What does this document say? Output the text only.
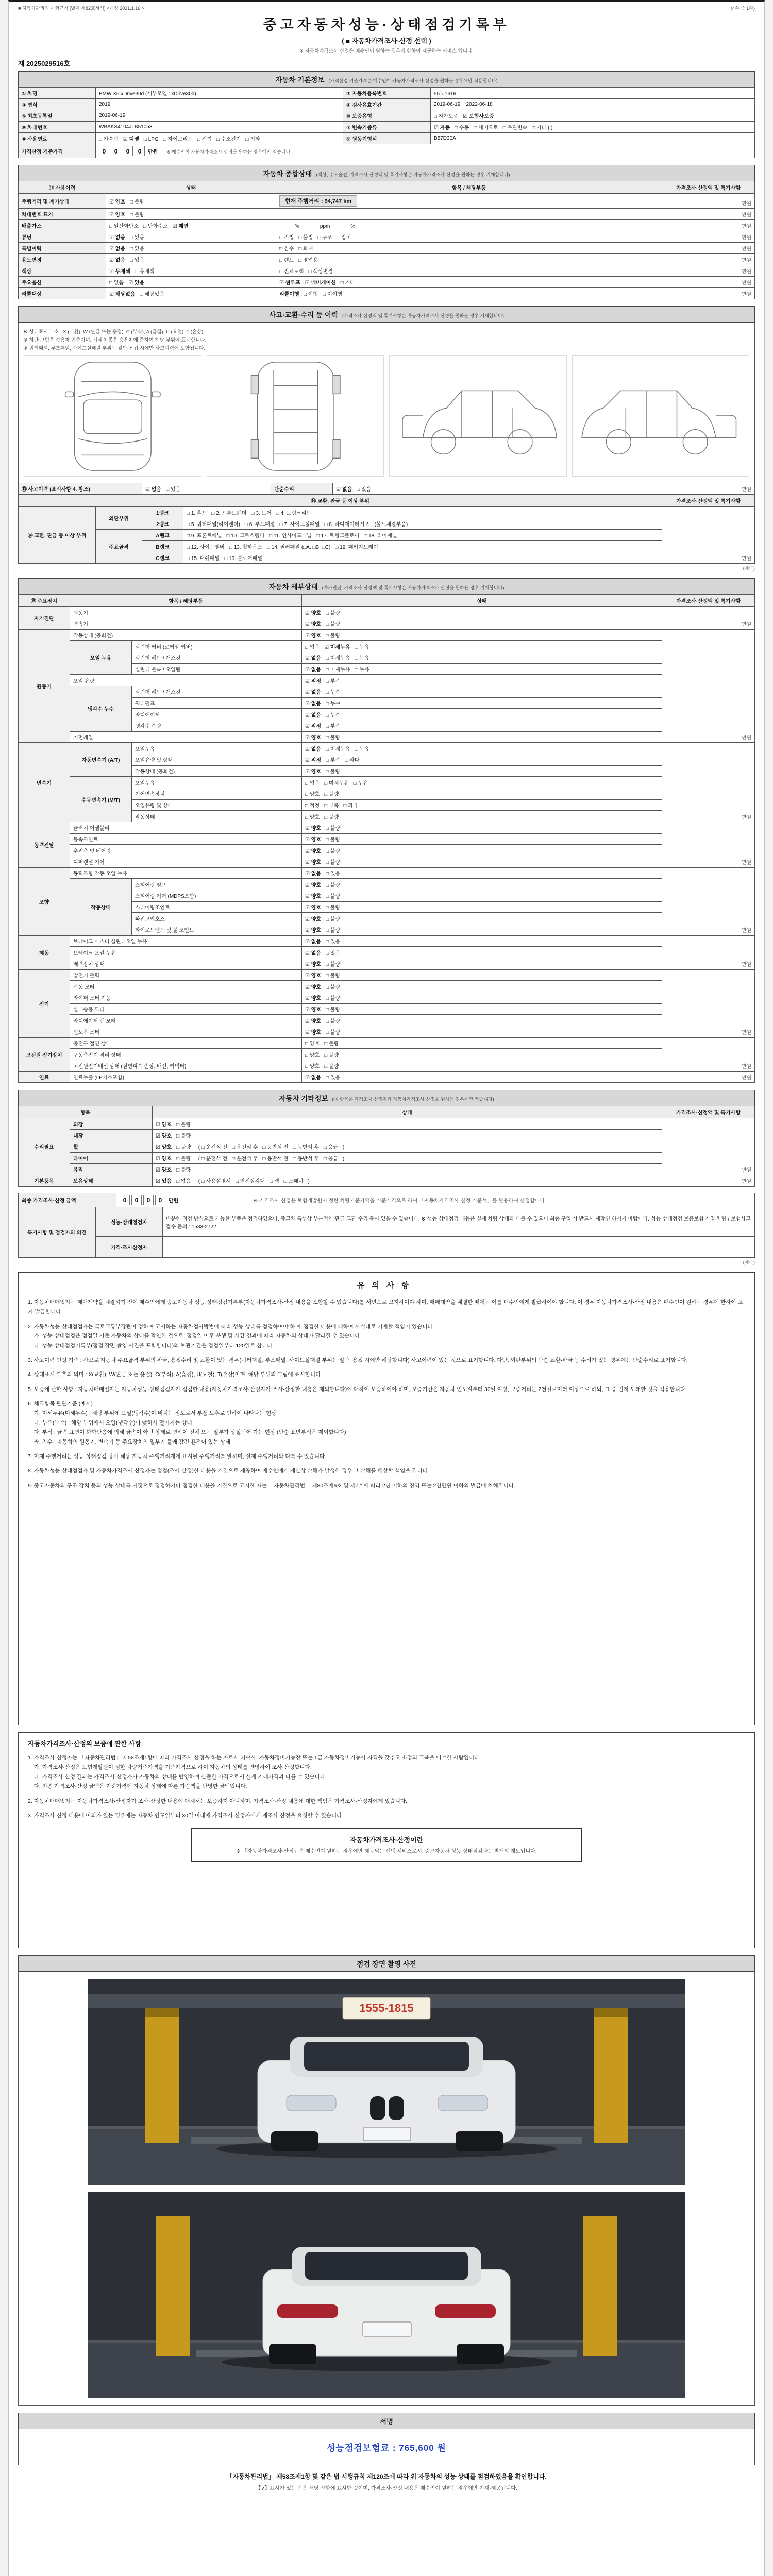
■ 자동차관리법 시행규칙 [별지 제82호서식] <개정 2021.1.16.>	(4쪽 중 1쪽)
중고자동차성능·상태점검기록부
( ■ 자동차가격조사·산정 선택 )
※ 자동차가격조사·산정은 매수인이 원하는 경우에 한하여 제공하는 서비스 입니다.
제 2025029516호
자동차 기본정보 (가격산정 기준가격은 매수인이 자동차가격조사·산정을 원하는 경우에만 적용합니다)
① 차명	BMW X5 xDrive30d (세부모델 : xDrive30d)	② 자동차등록번호	55노1616
③ 연식	2019	④ 검사유효기간	2019-06-19 ~ 2022-06-18
⑤ 최초등록일	2019-06-19	⑩ 보증유형	□ 자가보증 ☑ 보험사보증
⑥ 차대번호	WBAKS4104JLB51053	⑦ 변속기종류	☑ 자동 □ 수동 □ 세미오토 □ 무단변속 □ 기타 ( )
⑧ 사용연료	□ 가솔린 ☑ 디젤 □ LPG □ 하이브리드 □ 전기 □ 수소전기 □ 기타	⑨ 원동기형식	B57D30A
가격산정 기준가격	0 0 0 0 만원 ※ 매수인이 자동차가격조사·산정을 원하는 경우에만 적습니다.		
자동차 종합상태 (색상, 주요옵션, 가격조사·산정액 및 특기사항은 자동차가격조사·산정을 원하는 경우 기재합니다)
⑪ 사용이력	상태	항목 / 해당부품	가격조사·산정액 및 특기사항
주행거리 및 계기상태	☑ 양호 □ 불량	현재 주행거리 : 94,747 km	만원
차대번호 표기	☑ 양호 □ 불량		만원
배출가스	□ 일산화탄소 □ 탄화수소 ☑ 매연	　　　%　　　　ppm　　　　%	만원
튜닝	☑ 없음 □ 있음	□ 적법 □ 불법 □ 구조 □ 장치	만원
특별이력	☑ 없음 □ 있음	□ 침수 □ 화재	만원
용도변경	☑ 없음 □ 있음	□ 렌트 □ 영업용	만원
색상	☑ 무채색 □ 유채색	□ 전체도색 □ 색상변경	만원
주요옵션	□ 없음 ☑ 있음	☑ 썬루프 ☑ 네비게이션 □ 기타	만원
리콜대상	☑ 해당없음 □ 해당있음	리콜이행 : □ 이행 □ 미이행	만원
사고·교환·수리 등 이력 (가격조사·산정액 및 특기사항은 자동차가격조사·산정을 원하는 경우 기재합니다)
※ 상태표시 부호 : X (교환), W (판금 또는 용접), C (부식), A (흠집), U (요철), T (손상)
※ 하단 그림은 승용차 기준이며, 기타 차종은 승용차에 준하여 해당 부위에 표시합니다.
※ 쿼터패널, 루프패널, 사이드실패널 부위는 절단·용접 시에만 사고이력에 포함됩니다.
⑬ 사고이력 (표시사항 4. 참조)	☑ 없음 □ 있음	단순수리	☑ 없음 □ 있음	만원
⑭ 교환, 판금 등 이상 부위				가격조사·산정액 및 특기사항
⑭ 교환, 판금 등 이상 부위	외판부위	1랭크	□ 1. 후드 □ 2. 프론트펜더 □ 3. 도어 □ 4. 트렁크리드	만원
		2랭크	□ 5. 쿼터패널(리어펜더) □ 6. 루프패널 □ 7. 사이드실패널 □ 8. 라디에이터서포트(볼트체결부품)	
	주요골격	A랭크	□ 9. 프론트패널 □ 10. 크로스멤버 □ 11. 인사이드패널 □ 17. 트렁크플로어 □ 18. 리어패널	
		B랭크	□ 12. 사이드멤버 □ 13. 휠하우스 □ 14. 필러패널 (□A, □B, □C) □ 19. 패키지트레이	
		C랭크	□ 15. 대쉬패널 □ 16. 플로어패널	
(계속)
자동차 세부상태 (자가진단, 가격조사·산정액 및 특기사항은 자동차가격조사·산정을 원하는 경우 기재합니다)
⑮ 주요장치	항목 / 해당부품		상태	가격조사·산정액 및 특기사항
자기진단	원동기		☑ 양호 □ 불량	만원
	변속기		☑ 양호 □ 불량	
원동기	작동상태 (공회전)		☑ 양호 □ 불량	만원
	오일 누유	실린더 커버 (로커암 커버)	□ 없음 ☑ 미세누유 □ 누유	
		실린더 헤드 / 개스킷	☑ 없음 □ 미세누유 □ 누유	
		실린더 블록 / 오일팬	☑ 없음 □ 미세누유 □ 누유	
	오일 유량		☑ 적정 □ 부족	
	냉각수 누수	실린더 헤드 / 개스킷	☑ 없음 □ 누수	
		워터펌프	☑ 없음 □ 누수	
		라디에이터	☑ 없음 □ 누수	
		냉각수 수량	☑ 적정 □ 부족	
	커먼레일		☑ 양호 □ 불량	
변속기	자동변속기 (A/T)	오일누유	☑ 없음 □ 미세누유 □ 누유	만원
		오일유량 및 상태	☑ 적정 □ 부족 □ 과다	
		작동상태 (공회전)	☑ 양호 □ 불량	
	수동변속기 (M/T)	오일누유	□ 없음 □ 미세누유 □ 누유	
		기어변속장치	□ 양호 □ 불량	
		오일유량 및 상태	□ 적정 □ 부족 □ 과다	
		작동상태	□ 양호 □ 불량	
동력전달	클러치 어셈블리		☑ 양호 □ 불량	만원
	등속조인트		☑ 양호 □ 불량	
	추진축 및 베어링		☑ 양호 □ 불량	
	디퍼렌셜 기어		☑ 양호 □ 불량	
조향	동력조향 작동 오일 누유		☑ 없음 □ 있음	만원
	작동상태	스티어링 펌프	☑ 양호 □ 불량	
		스티어링 기어 (MDPS포함)	☑ 양호 □ 불량	
		스티어링조인트	☑ 양호 □ 불량	
		파워고압호스	☑ 양호 □ 불량	
		타이로드엔드 및 볼 조인트	☑ 양호 □ 불량	
제동	브레이크 마스터 실린더오일 누유		☑ 없음 □ 있음	만원
	브레이크 오일 누유		☑ 없음 □ 있음	
	배력장치 상태		☑ 양호 □ 불량	
전기	발전기 출력		☑ 양호 □ 불량	만원
	시동 모터		☑ 양호 □ 불량	
	와이퍼 모터 기능		☑ 양호 □ 불량	
	실내송풍 모터		☑ 양호 □ 불량	
	라디에이터 팬 모터		☑ 양호 □ 불량	
	윈도우 모터		☑ 양호 □ 불량	
고전원 전기장치	충전구 절연 상태		□ 양호 □ 불량	만원
	구동축전지 격리 상태		□ 양호 □ 불량	
	고전원전기배선 상태 (절연피복 손상, 배선, 커넥터)		□ 양호 □ 불량	
연료	연료누출 (LP가스포함)		☑ 없음 □ 있음	만원
자동차 기타정보 (⑯ 항목은 가격조사·산정자가 자동차가격조사·산정을 원하는 경우에만 적습니다)
항목		상태	가격조사·산정액 및 특기사항
수리필요	외장	☑ 양호 □ 불량	만원
	내장	☑ 양호 □ 불량	
	휠	☑ 양호 □ 불량  ( □ 운전석 전 □ 운전석 후 □ 동반석 전 □ 동반석 후 □ 응급 )	
	타이어	☑ 양호 □ 불량  ( □ 운전석 전 □ 운전석 후 □ 동반석 전 □ 동반석 후 □ 응급 )	
	유리	☑ 양호 □ 불량	
기본품목	보유상태	☑ 있음 □ 없음  ( □ 사용설명서 □ 안전삼각대 □ 잭 □ 스패너 )	만원
최종 가격조사·산정 금액	0 0 0 0 만원	※ 가격조사·산정은 보험개발원이 정한 차량기준가액을 기준가격으로 하여 「자동차가격조사·산정 기준서」를 활용하여 산정합니다.
특기사항 및 점검자의 의견	성능·상태점검자	비분해 점검 방식으로 가능한 부품은 점검하였으나, 중고차 특성상 부분적인 판금·교환·수리 등이 있을 수 있습니다. ※ 성능·상태점검 내용은 실제 차량 상태와 다를 수 있으니 최종 구입 시 반드시 재확인 하시기 바랍니다. 성능·상태점검 보증보험 가입 차량 / 보험사고 접수 문의 : 1533-2722
	가격·조사산정자	
(계속)
유의사항
1. 자동차매매업자는 매매계약을 체결하기 전에 매수인에게 중고자동차 성능·상태점검기록부(자동차가격조사·산정 내용을 포함할 수 있습니다)를 서면으로 고지하여야 하며, 매매계약을 체결한 때에는 이를 매수인에게 발급하여야 합니다. 이 경우 자동차가격조사·산정 내용은 매수인이 원하는 경우에 한하여 고지·발급합니다.
2. 자동차성능·상태점검자는 국토교통부장관이 정하여 고시하는 자동차검사방법에 따라 성능·상태를 점검하여야 하며, 점검한 내용에 대하여 사실대로 기재할 책임이 있습니다.
가. 성능·상태점검은 점검일 기준 자동차의 상태를 확인한 것으로, 점검일 이후 운행 및 시간 경과에 따라 자동차의 상태가 달라질 수 있습니다.
나. 성능·상태점검기록부(점검 장면 촬영 사진을 포함합니다)의 보관기간은 점검일부터 120일로 합니다.
3. 사고이력 인정 기준 : 사고로 자동차 주요골격 부위의 판금, 용접수리 및 교환이 있는 경우(쿼터패널, 루프패널, 사이드실패널 부위는 절단, 용접 시에만 해당합니다) 사고이력이 있는 것으로 표기합니다. 다만, 외판부위의 단순 교환·판금 등 수리가 있는 경우에는 단순수리로 표기합니다.
4. 상태표시 부호의 의미 : X(교환), W(판금 또는 용접), C(부식), A(흠집), U(요철), T(손상)이며, 해당 부위의 그림에 표시합니다.
5. 보증에 관한 사항 : 자동차매매업자는 자동차성능·상태점검자가 점검한 내용(자동차가격조사·산정자가 조사·산정한 내용은 제외합니다)에 대하여 보증하여야 하며, 보증기간은 자동차 인도일부터 30일 이상, 보증거리는 2천킬로미터 이상으로 하되, 그 중 먼저 도래한 것을 적용합니다.
6. 체크항목 판단기준 (예시)
가. 미세누유(미세누수) : 해당 부위에 오일(냉각수)이 비치는 정도로서 부품 노후로 인하여 나타나는 현상
나. 누유(누수) : 해당 부위에서 오일(냉각수)이 맺혀서 떨어지는 상태
다. 부식 : 금속 표면이 화학반응에 의해 금속이 아닌 상태로 변하여 전체 또는 일부가 상실되어 가는 현상 (단순 표면부식은 제외합니다)
라. 침수 : 자동차의 원동기, 변속기 등 주요장치의 일부가 물에 잠긴 흔적이 있는 상태
7. 현재 주행거리는 성능·상태점검 당시 해당 자동차 주행거리계에 표시된 주행거리를 말하며, 실제 주행거리와 다를 수 있습니다.
8. 자동차성능·상태점검자 및 자동차가격조사·산정자는 점검(조사·산정)한 내용을 거짓으로 제공하여 매수인에게 재산상 손해가 발생한 경우 그 손해를 배상할 책임을 집니다.
9. 중고자동차의 구조·장치 등의 성능·상태를 거짓으로 점검하거나 점검한 내용을 거짓으로 고지한 자는 「자동차관리법」 제80조제6호 및 제7호에 따라 2년 이하의 징역 또는 2천만원 이하의 벌금에 처해집니다.
자동차가격조사·산정의 보증에 관한 사항
1. 가격조사·산정자는 「자동차관리법」 제58조제1항에 따라 가격조사·산정을 하는 자로서 기술사, 자동차정비기능장 또는 1급 자동차정비기능사 자격을 갖추고 소정의 교육을 이수한 사람입니다.
가. 가격조사·산정은 보험개발원이 정한 차량기준가액을 기준가격으로 하여 자동차의 상태를 반영하여 조사·산정합니다.
나. 가격조사·산정 결과는 가격조사·산정자가 자동차의 상태를 반영하여 산출한 가격으로서 실제 거래가격과 다를 수 있습니다.
다. 최종 가격조사·산정 금액은 기준가격에 자동차 상태에 따른 가감액을 반영한 금액입니다.
2. 자동차매매업자는 자동차가격조사·산정자가 조사·산정한 내용에 대해서는 보증하지 아니하며, 가격조사·산정 내용에 대한 책임은 가격조사·산정자에게 있습니다.
3. 가격조사·산정 내용에 이의가 있는 경우에는 자동차 인도일부터 30일 이내에 가격조사·산정자에게 재조사·산정을 요청할 수 있습니다.
자동차가격조사·산정이란
※ 「자동차가격조사·산정」은 매수인이 원하는 경우에만 제공되는 선택 서비스로서, 중고자동차 성능·상태점검과는 별개의 제도입니다.
점검 장면 촬영 사진
1555-1815
서명
성능점검보험료 : 765,600 원
「자동차관리법」 제58조제1항 및 같은 법 시행규칙 제120조에 따라 위 자동차의 성능·상태를 점검하였음을 확인합니다.
【∨】표시가 있는 란은 해당 사항에 표시한 것이며, 가격조사·산정 내용은 매수인이 원하는 경우에만 기재·제공됩니다.
